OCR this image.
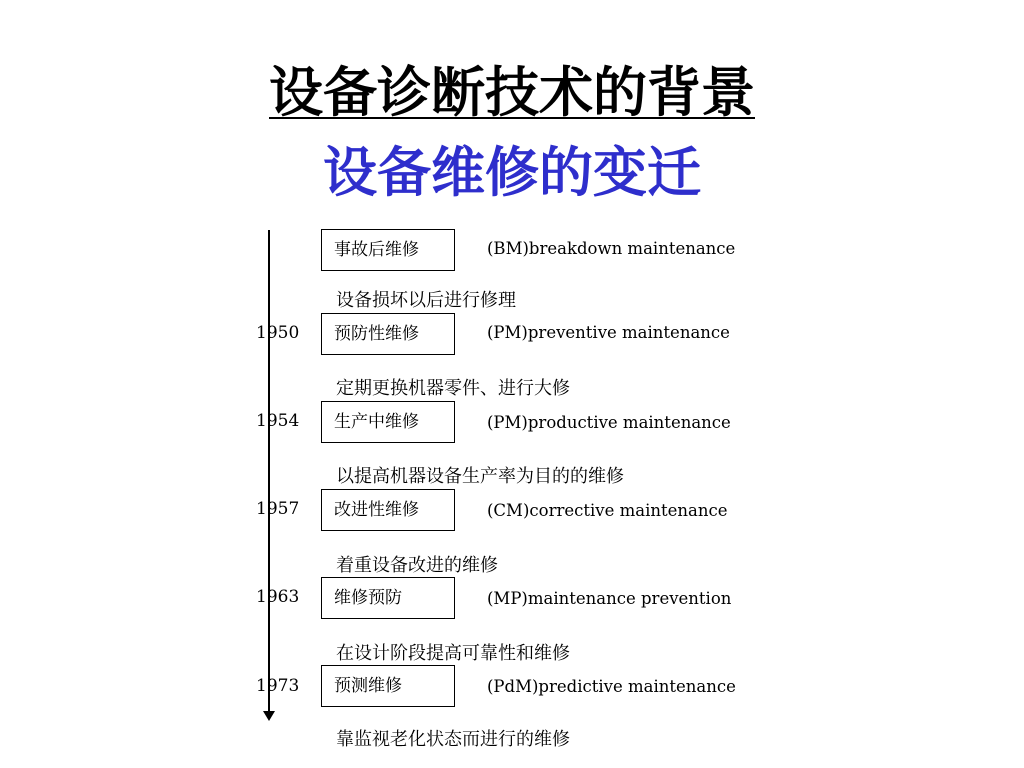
设备诊断技术的背景
设备维修的变迁
事故后维修	(BM)breakdown maintenance
设备损坏以后进行修理
1950	预防性维修	(PM)preventive maintenance
定期更换机器零件、进行大修
1954	生产中维修	(PM)productive maintenance
以提高机器设备生产率为目的的维修
1957	改进性维修	(CM)corrective maintenance
着重设备改进的维修
1963	维修预防	(MP)maintenance prevention
在设计阶段提高可靠性和维修
1973	预测维修	(PdM)predictive maintenance
靠监视老化状态而进行的维修
